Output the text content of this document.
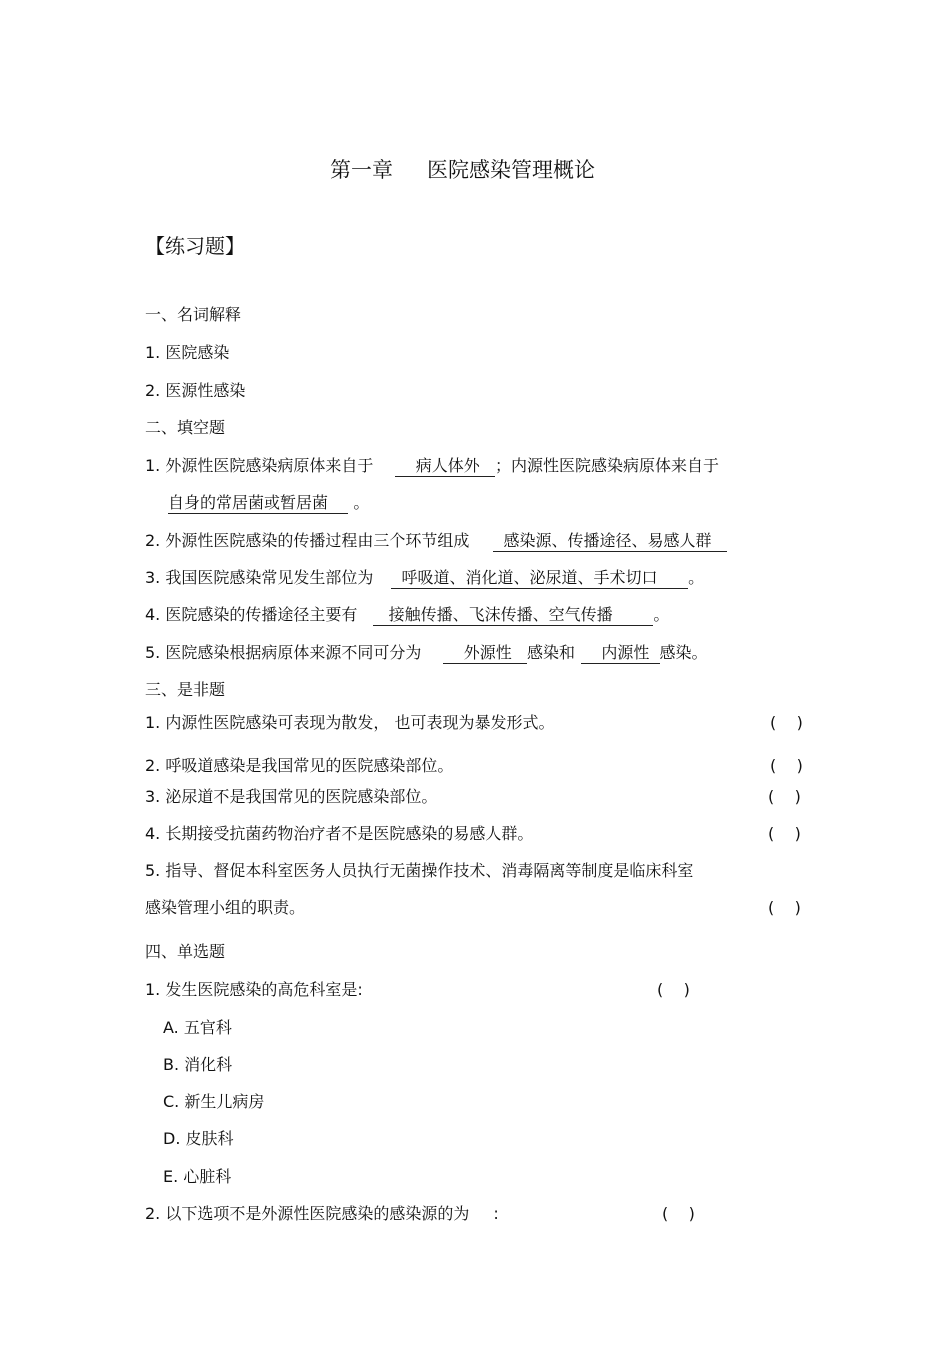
第一章 医院感染管理概论
【练习题】
一、名词解释
1. 医院感染
2. 医源性感染
二、填空题
1. 外源性医院感染病原体来自于	病人体外 ；内源性医院感染病原体来自于
自身的常居菌或暂居菌 。
2. 外源性医院感染的传播过程由三个环节组成 感染源、传播途径、易感人群
3. 我国医院感染常见发生部位为 呼吸道、消化道、泌尿道、手术切口 。
4. 医院感染的传播途径主要有 接触传播、飞沫传播、空气传播	。
5. 医院感染根据病原体来源不同可分为	外源性 感染和 内源性 感染。
三、是非题
1. 内源性医院感染可表现为散发， 也可表现为暴发形式。	(    )
2. 呼吸道感染是我国常见的医院感染部位。	(    )
3. 泌尿道不是我国常见的医院感染部位。	(    )
4. 长期接受抗菌药物治疗者不是医院感染的易感人群。	(    )
5. 指导、督促本科室医务人员执行无菌操作技术、消毒隔离等制度是临床科室
感染管理小组的职责。	(    )
四、单选题
1. 发生医院感染的高危科室是:	(    )
A. 五官科
B. 消化科
C. 新生儿病房
D. 皮肤科
E. 心脏科
2. 以下选项不是外源性医院感染的感染源的为 :	(    )
